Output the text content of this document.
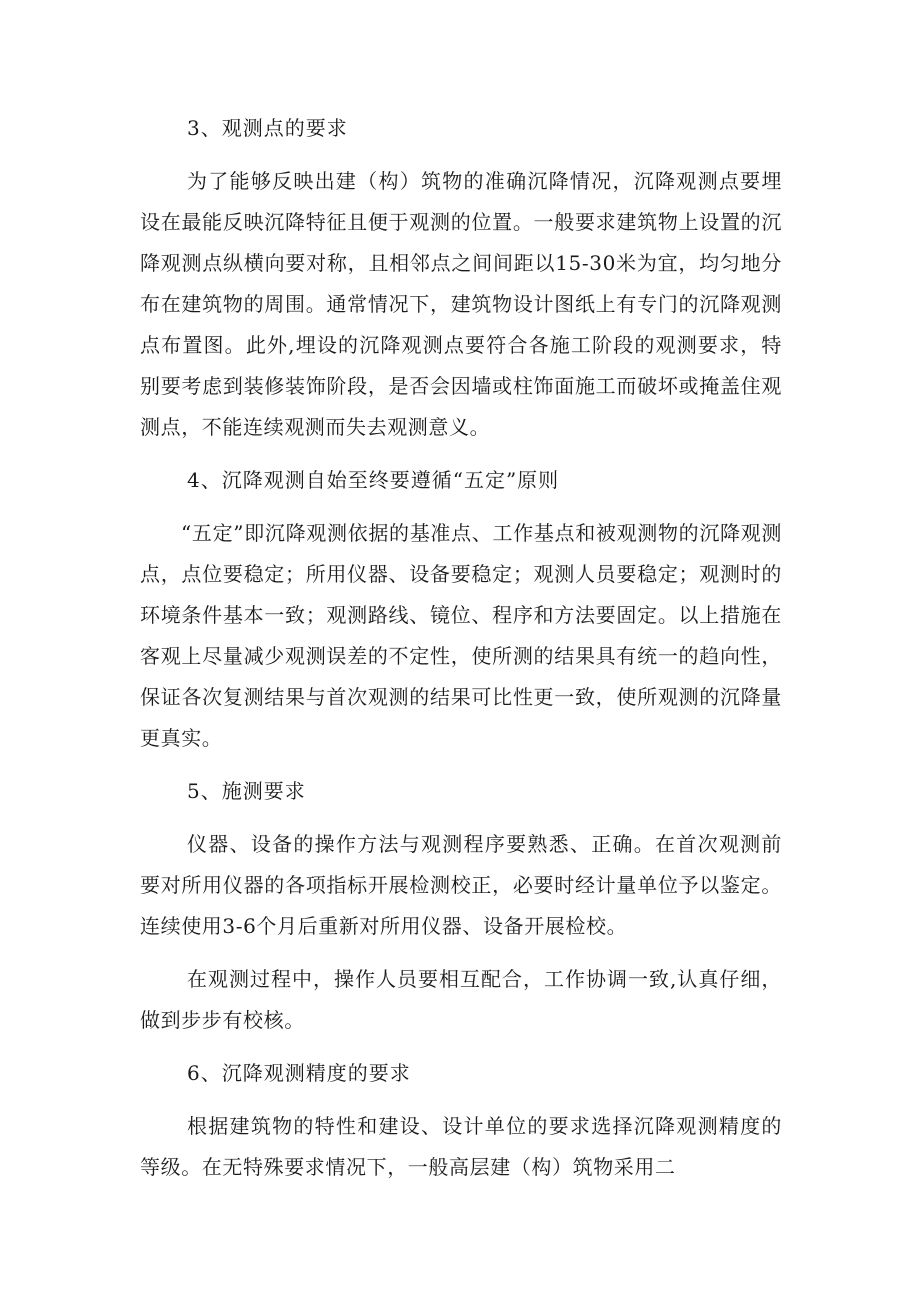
3、观测点的要求

为了能够反映出建（构）筑物的准确沉降情况，沉降观测点要埋设在最能反映沉降特征且便于观测的位置。一般要求建筑物上设置的沉降观测点纵横向要对称，且相邻点之间间距以15-30米为宜，均匀地分布在建筑物的周围。通常情况下，建筑物设计图纸上有专门的沉降观测点布置图。此外,埋设的沉降观测点要符合各施工阶段的观测要求，特别要考虑到装修装饰阶段，是否会因墙或柱饰面施工而破坏或掩盖住观测点，不能连续观测而失去观测意义。

4、沉降观测自始至终要遵循“五定”原则

“五定”即沉降观测依据的基准点、工作基点和被观测物的沉降观测点，点位要稳定；所用仪器、设备要稳定；观测人员要稳定；观测时的环境条件基本一致；观测路线、镜位、程序和方法要固定。以上措施在客观上尽量减少观测误差的不定性，使所测的结果具有统一的趋向性，保证各次复测结果与首次观测的结果可比性更一致，使所观测的沉降量更真实。

5、施测要求

仪器、设备的操作方法与观测程序要熟悉、正确。在首次观测前要对所用仪器的各项指标开展检测校正，必要时经计量单位予以鉴定。连续使用3-6个月后重新对所用仪器、设备开展检校。

在观测过程中，操作人员要相互配合，工作协调一致,认真仔细，做到步步有校核。

6、沉降观测精度的要求

根据建筑物的特性和建设、设计单位的要求选择沉降观测精度的等级。在无特殊要求情况下，一般高层建（构）筑物采用二
